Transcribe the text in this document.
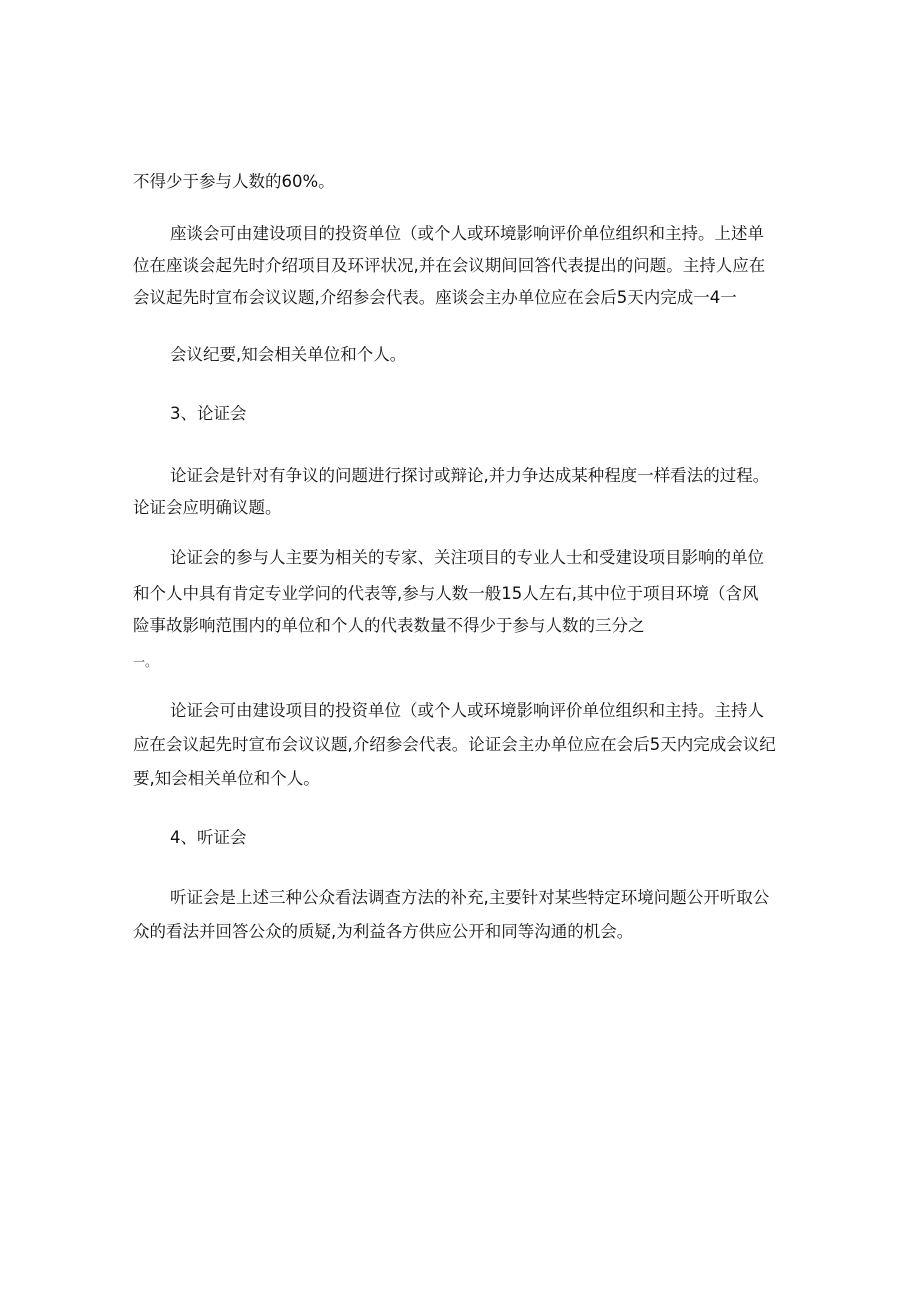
不得少于参与人数的60%。
座谈会可由建设项目的投资单位（或个人或环境影响评价单位组织和主持。上述单
位在座谈会起先时介绍项目及环评状况,并在会议期间回答代表提出的问题。主持人应在
会议起先时宣布会议议题,介绍参会代表。座谈会主办单位应在会后5天内完成一4一
会议纪要,知会相关单位和个人。
3、论证会
论证会是针对有争议的问题进行探讨或辩论,并力争达成某种程度一样看法的过程。
论证会应明确议题。
论证会的参与人主要为相关的专家、关注项目的专业人士和受建设项目影响的单位
和个人中具有肯定专业学问的代表等,参与人数一般15人左右,其中位于项目环境（含风
险事故影响范围内的单位和个人的代表数量不得少于参与人数的三分之
一。
论证会可由建设项目的投资单位（或个人或环境影响评价单位组织和主持。主持人
应在会议起先时宣布会议议题,介绍参会代表。论证会主办单位应在会后5天内完成会议纪
要,知会相关单位和个人。
4、听证会
听证会是上述三种公众看法调查方法的补充,主要针对某些特定环境问题公开听取公
众的看法并回答公众的质疑,为利益各方供应公开和同等沟通的机会。
